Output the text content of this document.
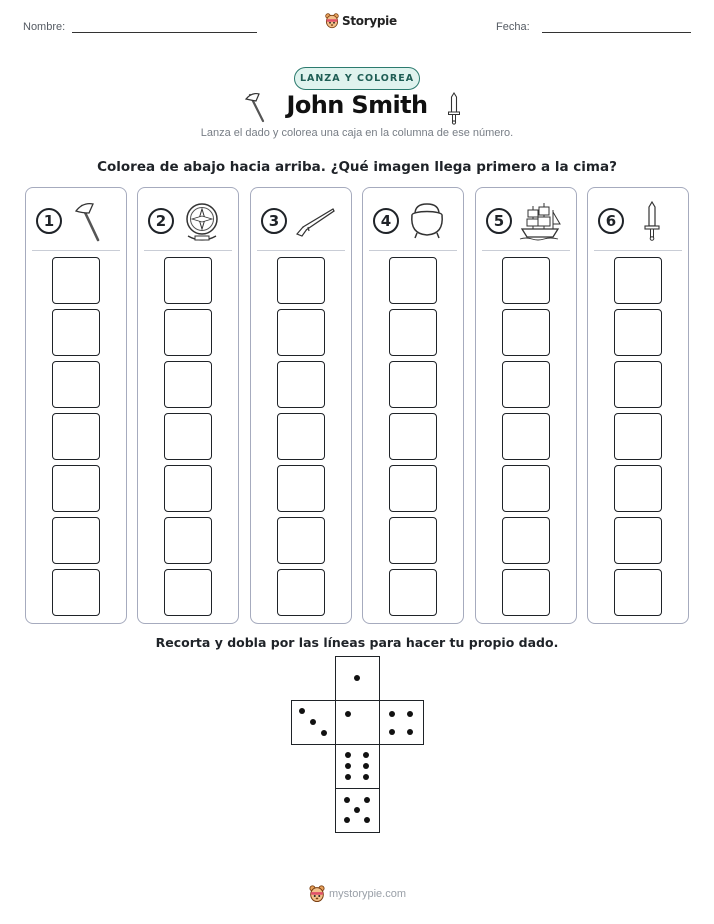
Nombre:	Storypie	Fecha:
LANZA Y COLOREA
John Smith
Lanza el dado y colorea una caja en la columna de ese número.
Colorea de abajo hacia arriba. ¿Qué imagen llega primero a la cima?
1	2	3	4	5	6
Recorta y dobla por las líneas para hacer tu propio dado.
mystorypie.com
